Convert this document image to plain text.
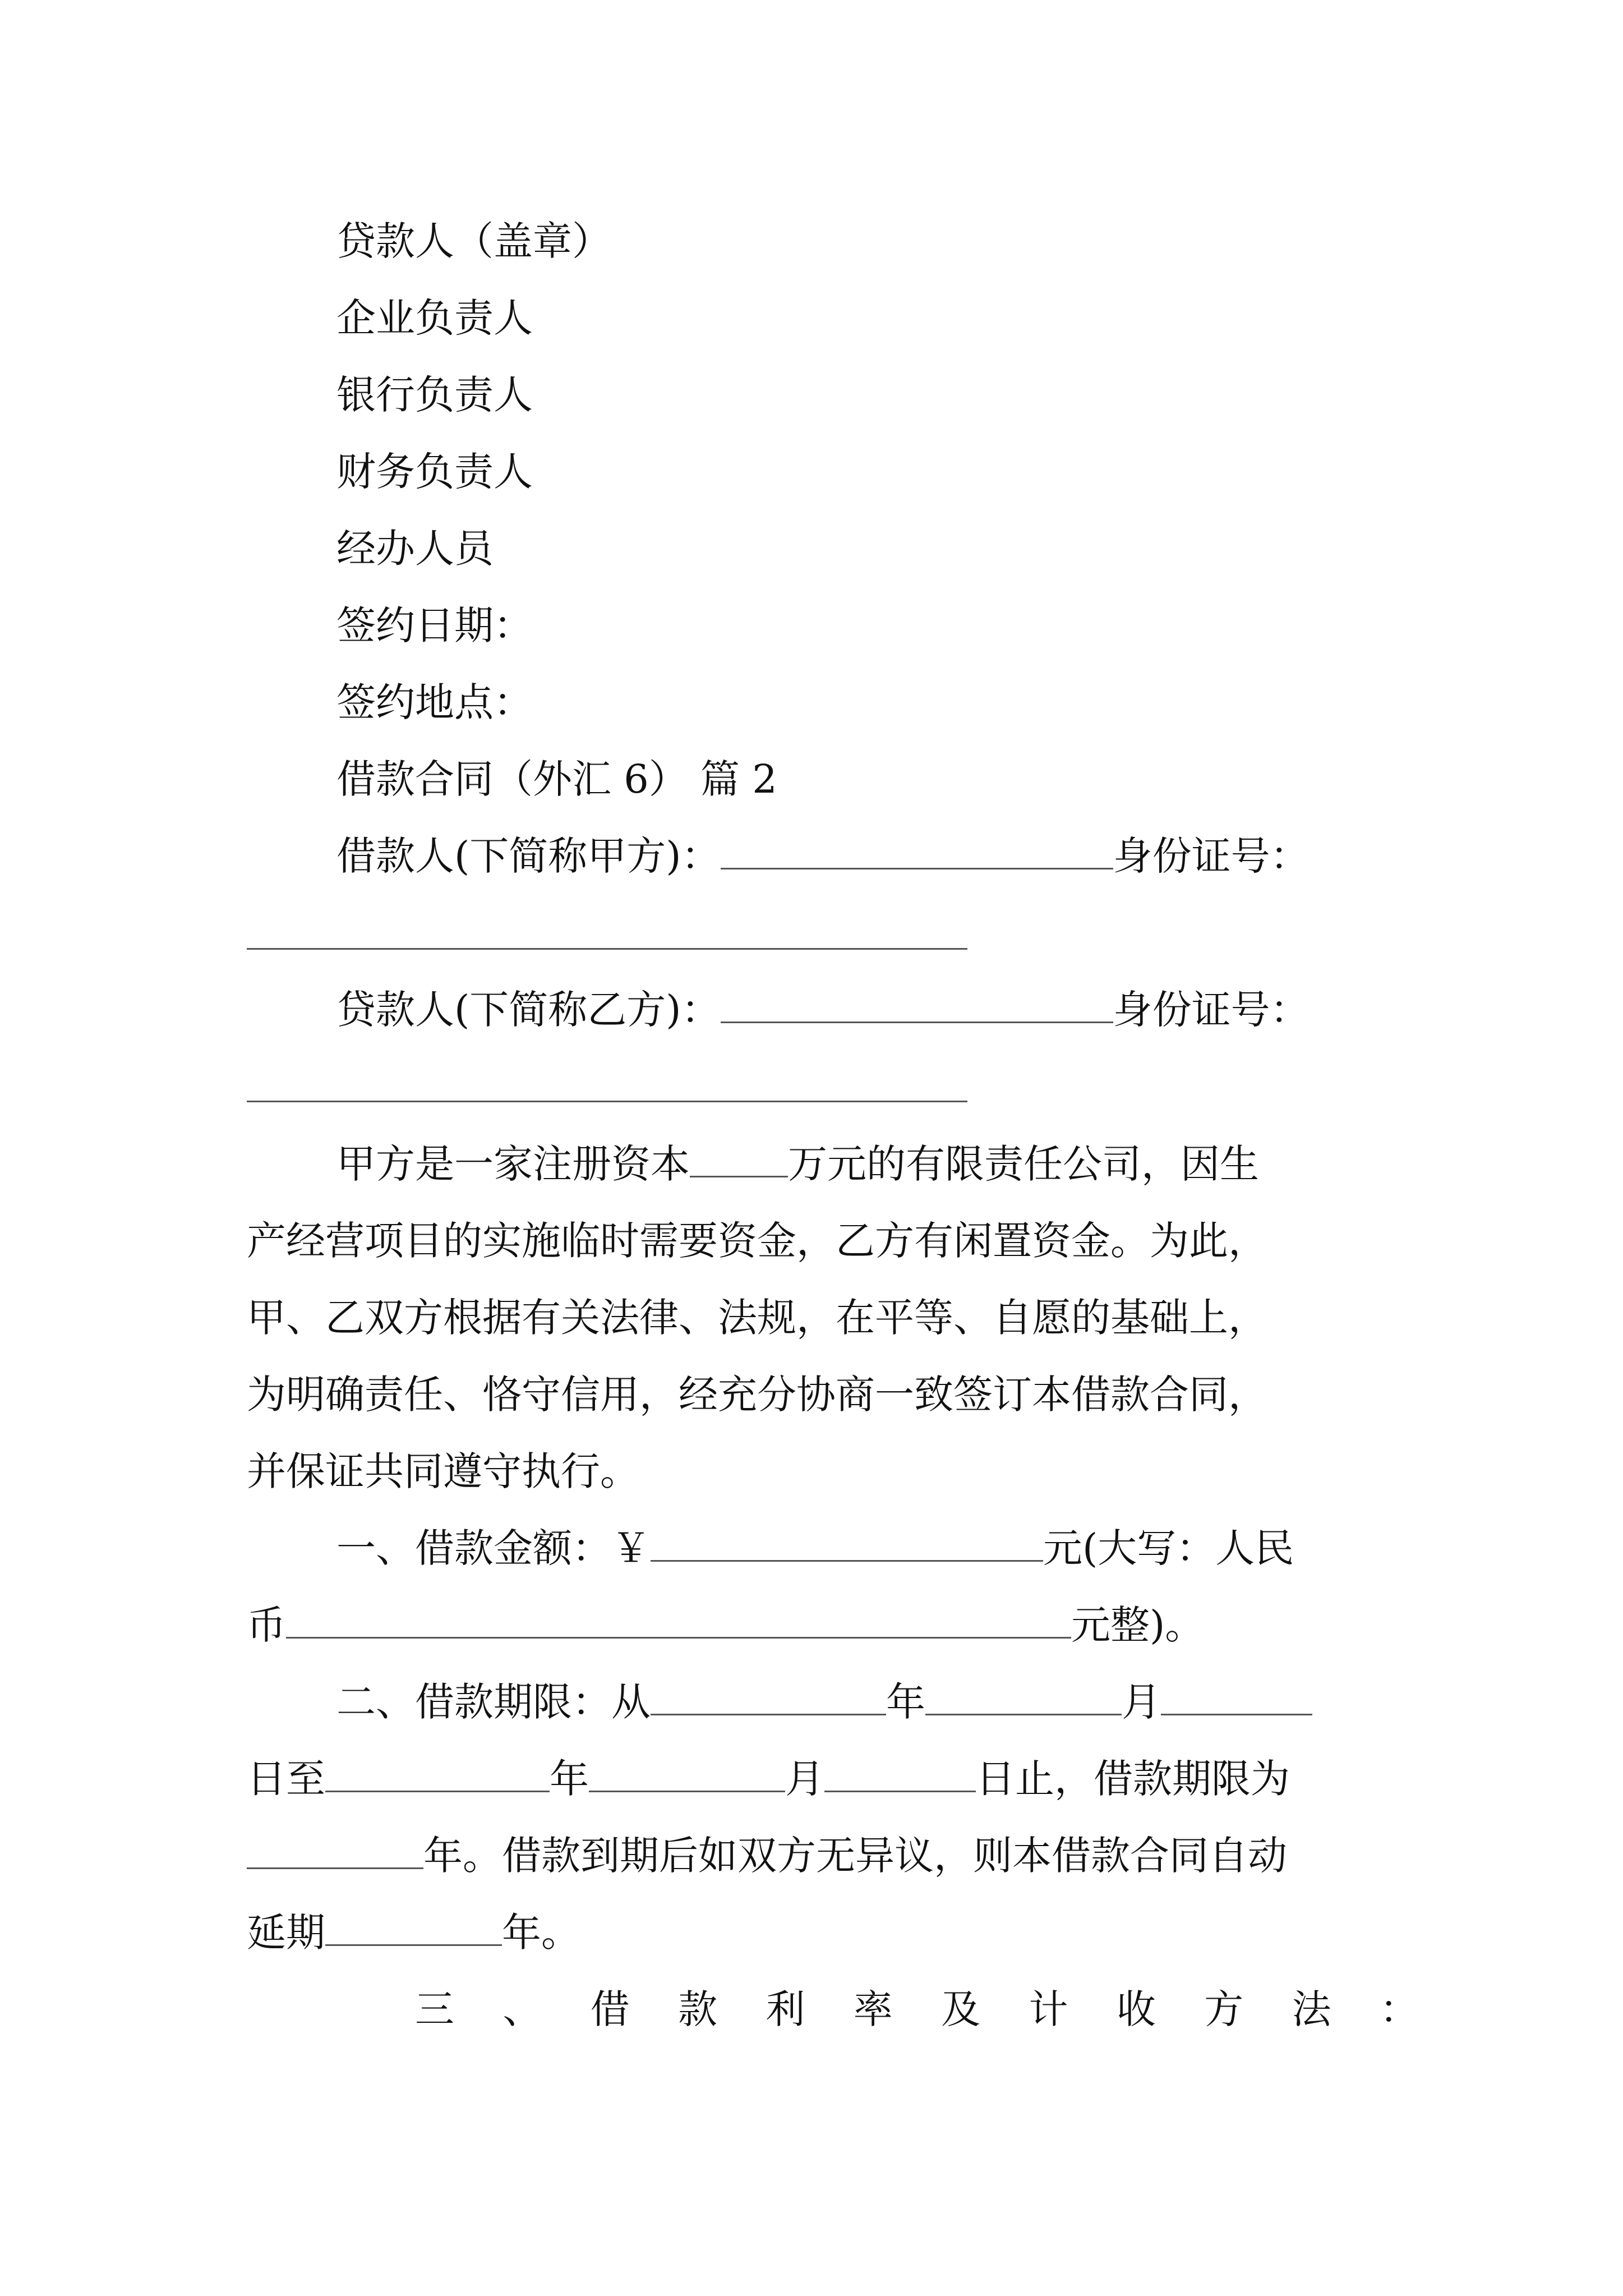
贷款人（盖章）
企业负责人
银行负责人
财务负责人
经办人员
签约日期：
签约地点：
借款合同（外汇 6） 篇 2
借款人(下简称甲方)：	身份证号：
贷款人(下简称乙方)：	身份证号：
甲方是一家注册资本	万元的有限责任公司，因生
产经营项目的实施临时需要资金，乙方有闲置资金。为此，
甲、乙双方根据有关法律、法规，在平等、自愿的基础上，
为明确责任、恪守信用，经充分协商一致签订本借款合同，
并保证共同遵守执行。
一、借款金额：￥	元(大写：人民
币	元整)。
二、借款期限：从	年	月
日至	年	月	日止，借款期限为
年。借款到期后如双方无异议，则本借款合同自动
延期	年。
三 、 借 款 利 率 及 计 收 方 法 ：
